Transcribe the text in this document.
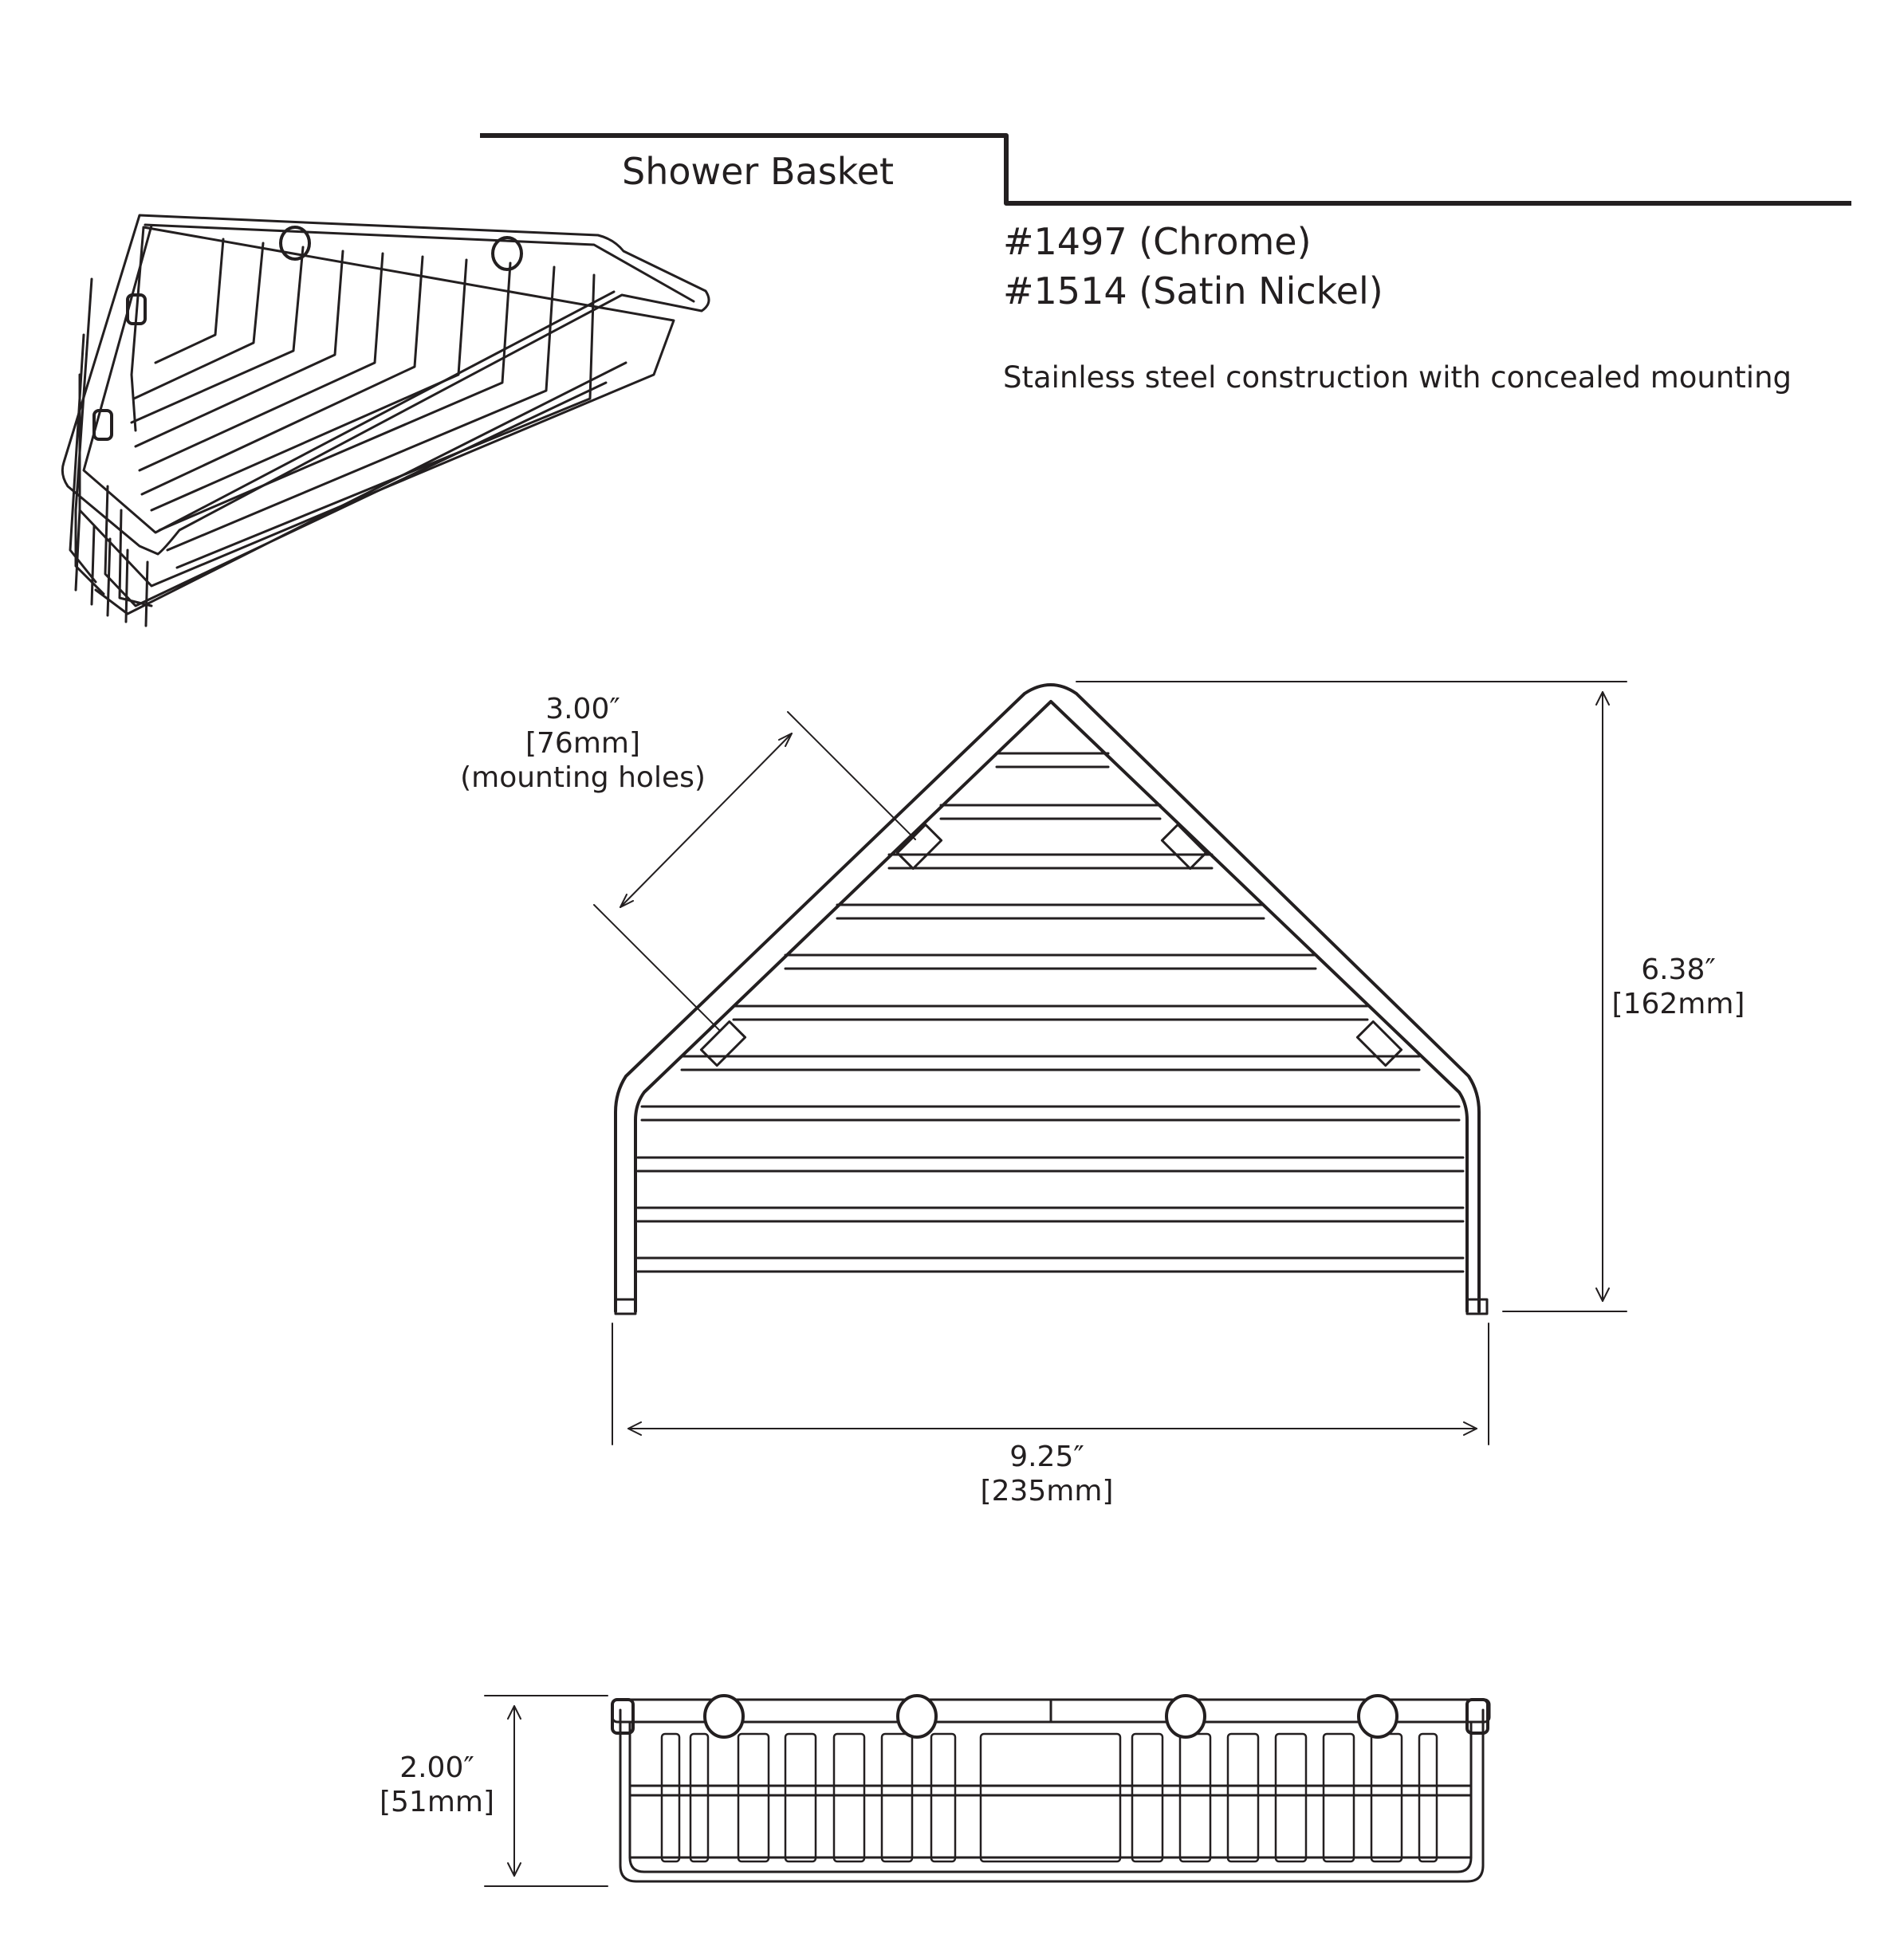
Shower Basket
#1497 (Chrome)
#1514 (Satin Nickel)
Stainless steel construction with concealed mounting
3.00″
[76mm]
(mounting holes)
6.38″
[162mm]
9.25″
[235mm]
2.00″
[51mm]
